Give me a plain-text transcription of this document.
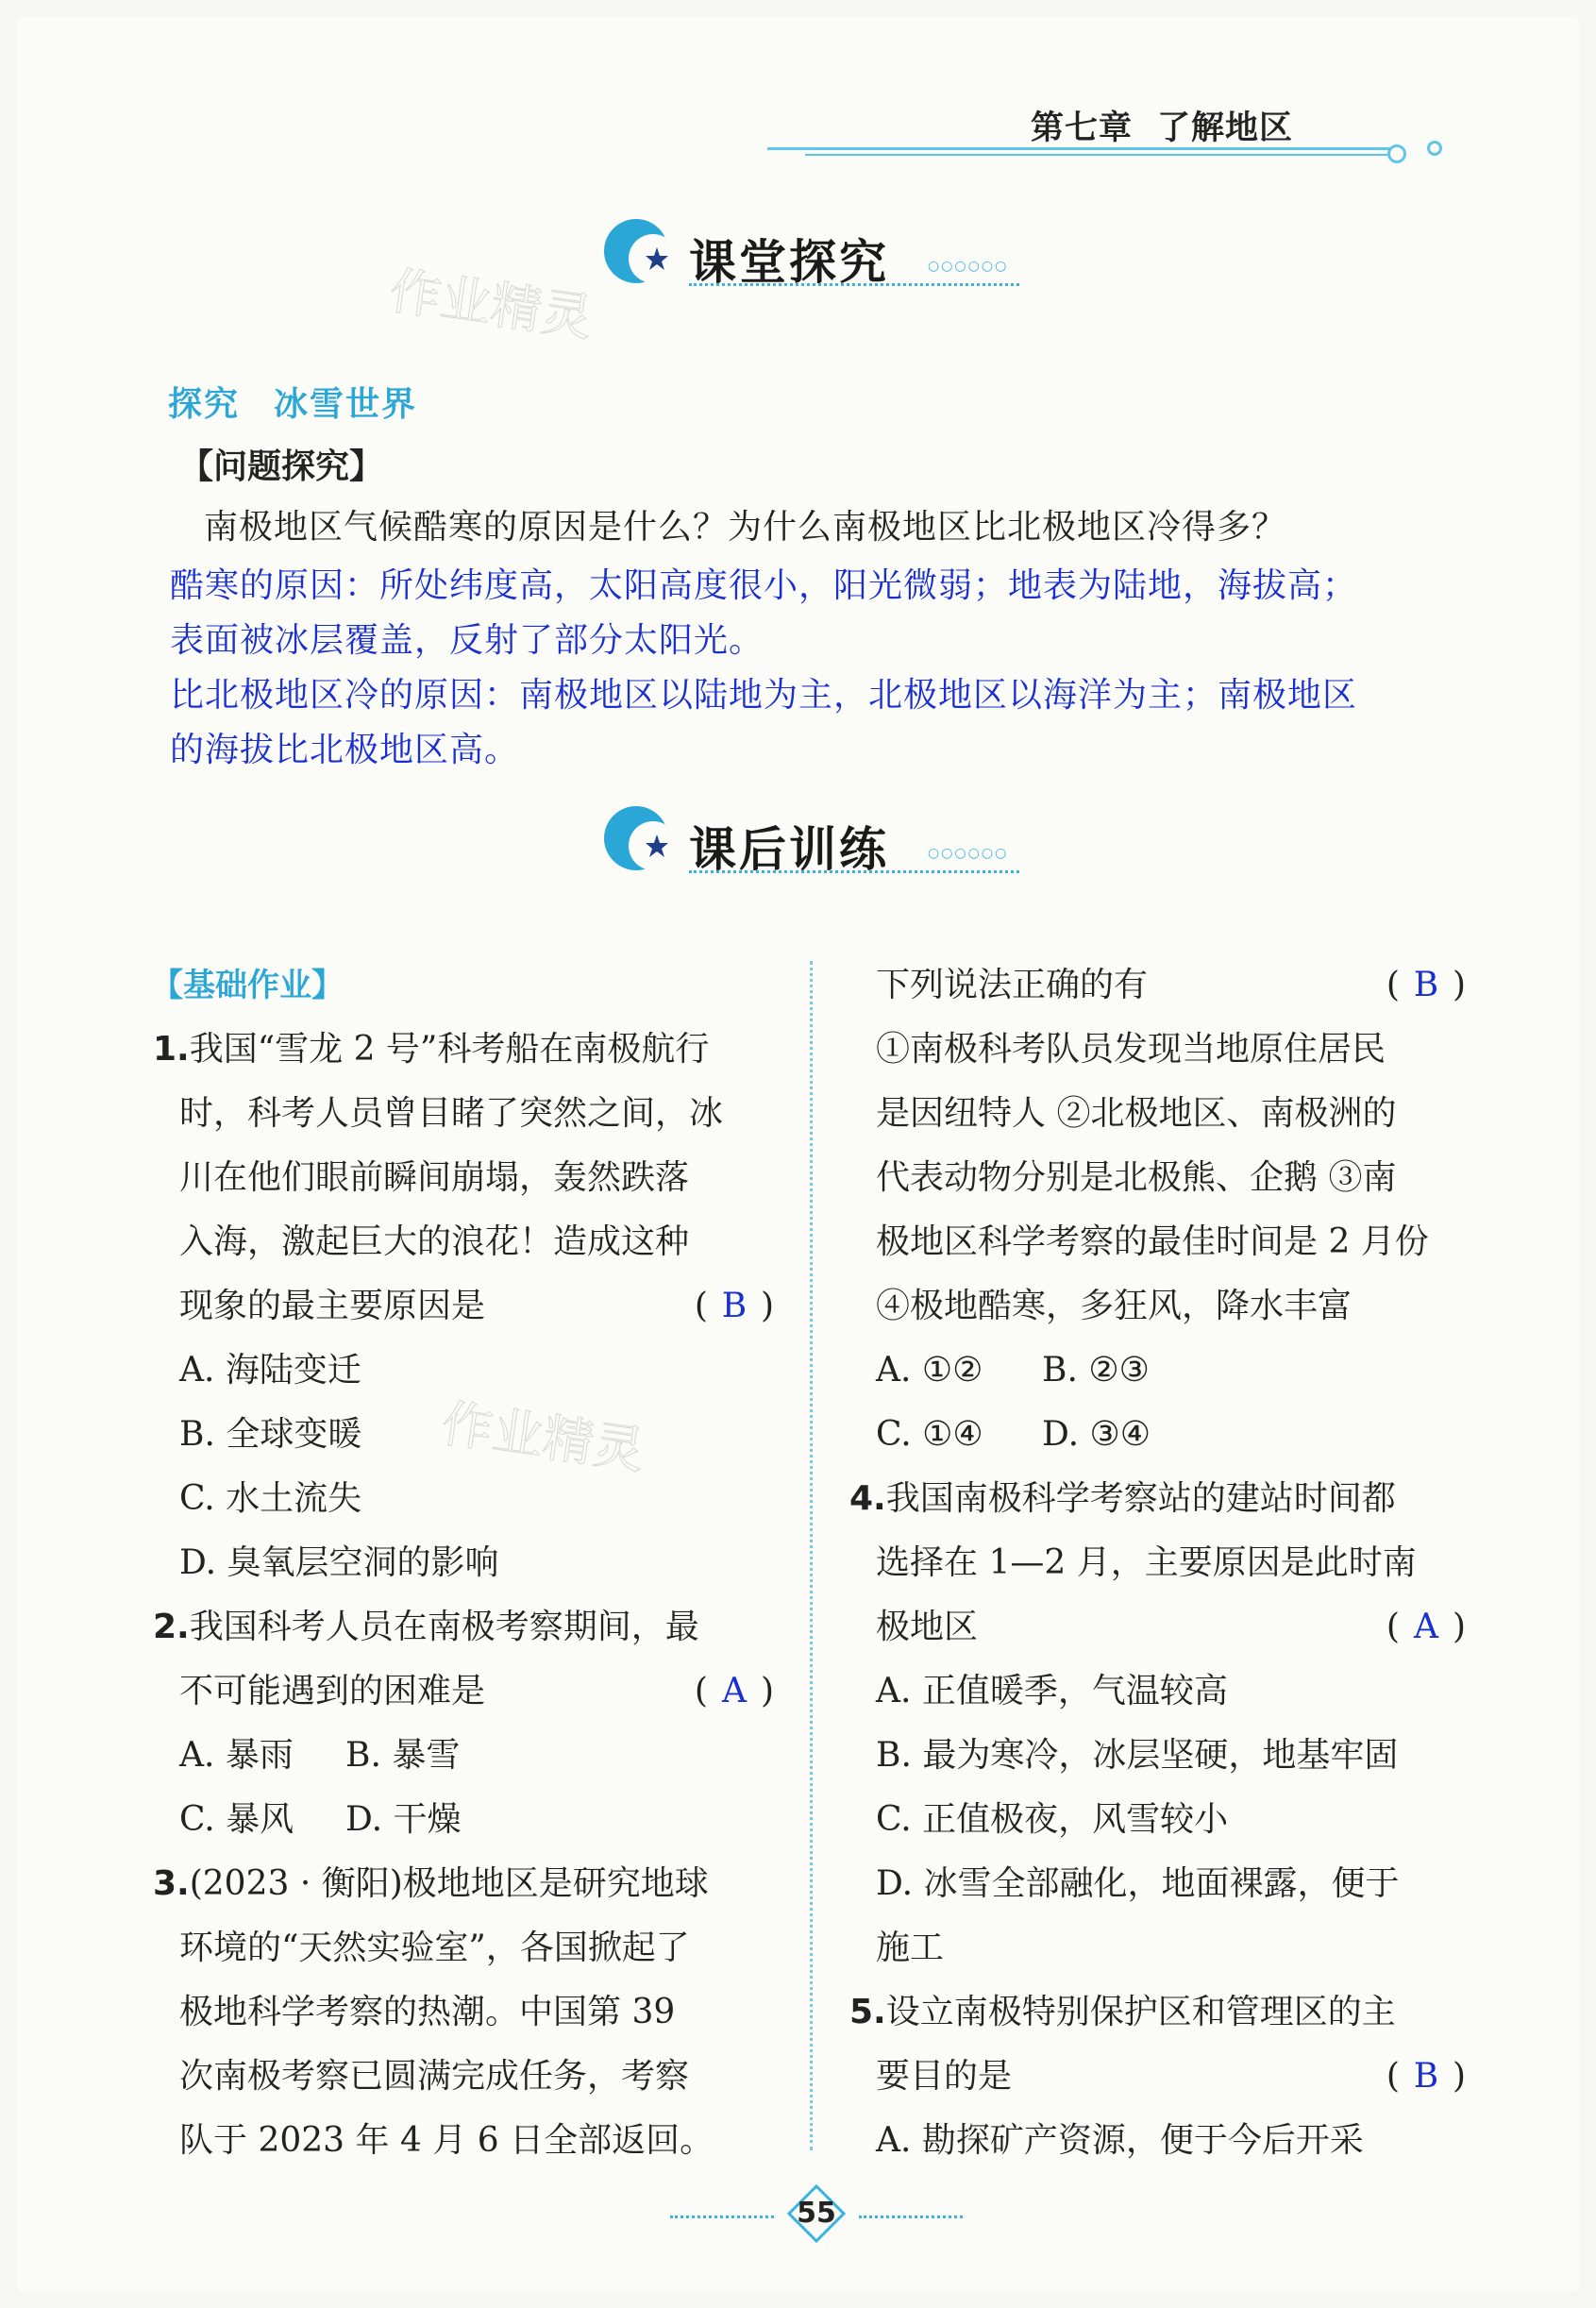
第七章 了解地区
课堂探究	○○○○○○
作业精灵
探究 冰雪世界
【问题探究】
南极地区气候酷寒的原因是什么？为什么南极地区比北极地区冷得多？
酷寒的原因：所处纬度高，太阳高度很小，阳光微弱；地表为陆地，海拔高；
表面被冰层覆盖，反射了部分太阳光。
比北极地区冷的原因：南极地区以陆地为主，北极地区以海洋为主；南极地区
的海拔比北极地区高。
课后训练	○○○○○○
作业精灵
【基础作业】
1.我国“雪龙 2 号”科考船在南极航行
时，科考人员曾目睹了突然之间，冰
川在他们眼前瞬间崩塌，轰然跌落
入海，激起巨大的浪花！造成这种
现象的最主要原因是	( B )
A. 海陆变迁
B. 全球变暖
C. 水土流失
D. 臭氧层空洞的影响
2.我国科考人员在南极考察期间，最
不可能遇到的困难是	( A )
A. 暴雨 B. 暴雪
C. 暴风 D. 干燥
3.(2023 · 衡阳)极地地区是研究地球
环境的“天然实验室”，各国掀起了
极地科学考察的热潮。中国第 39
次南极考察已圆满完成任务，考察
队于 2023 年 4 月 6 日全部返回。
下列说法正确的有	( B )
①南极科考队员发现当地原住居民
是因纽特人 ②北极地区、南极洲的
代表动物分别是北极熊、企鹅 ③南
极地区科学考察的最佳时间是 2 月份
④极地酷寒，多狂风，降水丰富
A. ①② B. ②③
C. ①④ D. ③④
4.我国南极科学考察站的建站时间都
选择在 1—2 月，主要原因是此时南
极地区	( A )
A. 正值暖季，气温较高
B. 最为寒冷，冰层坚硬，地基牢固
C. 正值极夜，风雪较小
D. 冰雪全部融化，地面裸露，便于
施工
5.设立南极特别保护区和管理区的主
要目的是	( B )
A. 勘探矿产资源，便于今后开采
55
